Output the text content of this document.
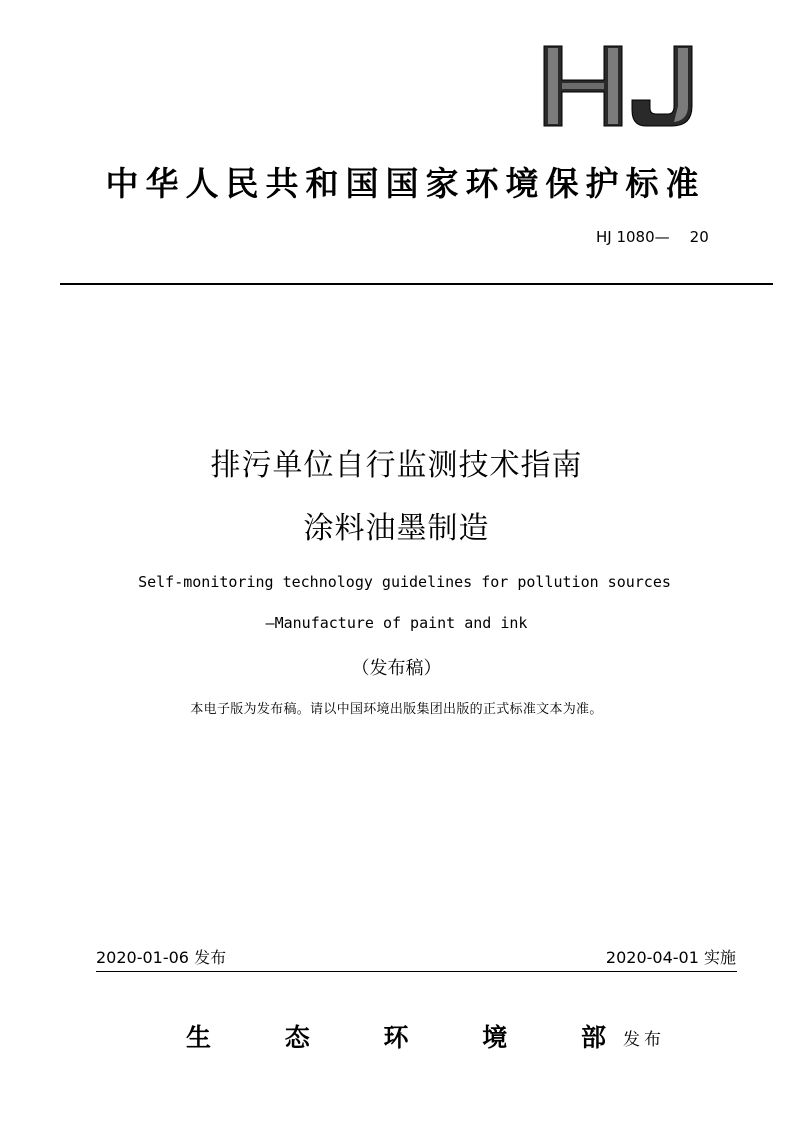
中华人民共和国国家环境保护标准
HJ 1080— 20
排污单位自行监测技术指南
涂料油墨制造
Self-monitoring technology guidelines for pollution sources
—Manufacture of paint and ink
（发布稿）
本电子版为发布稿。请以中国环境出版集团出版的正式标准文本为准。
2020-01-06 发布	2020-04-01 实施
生	态	环	境	部 发布
